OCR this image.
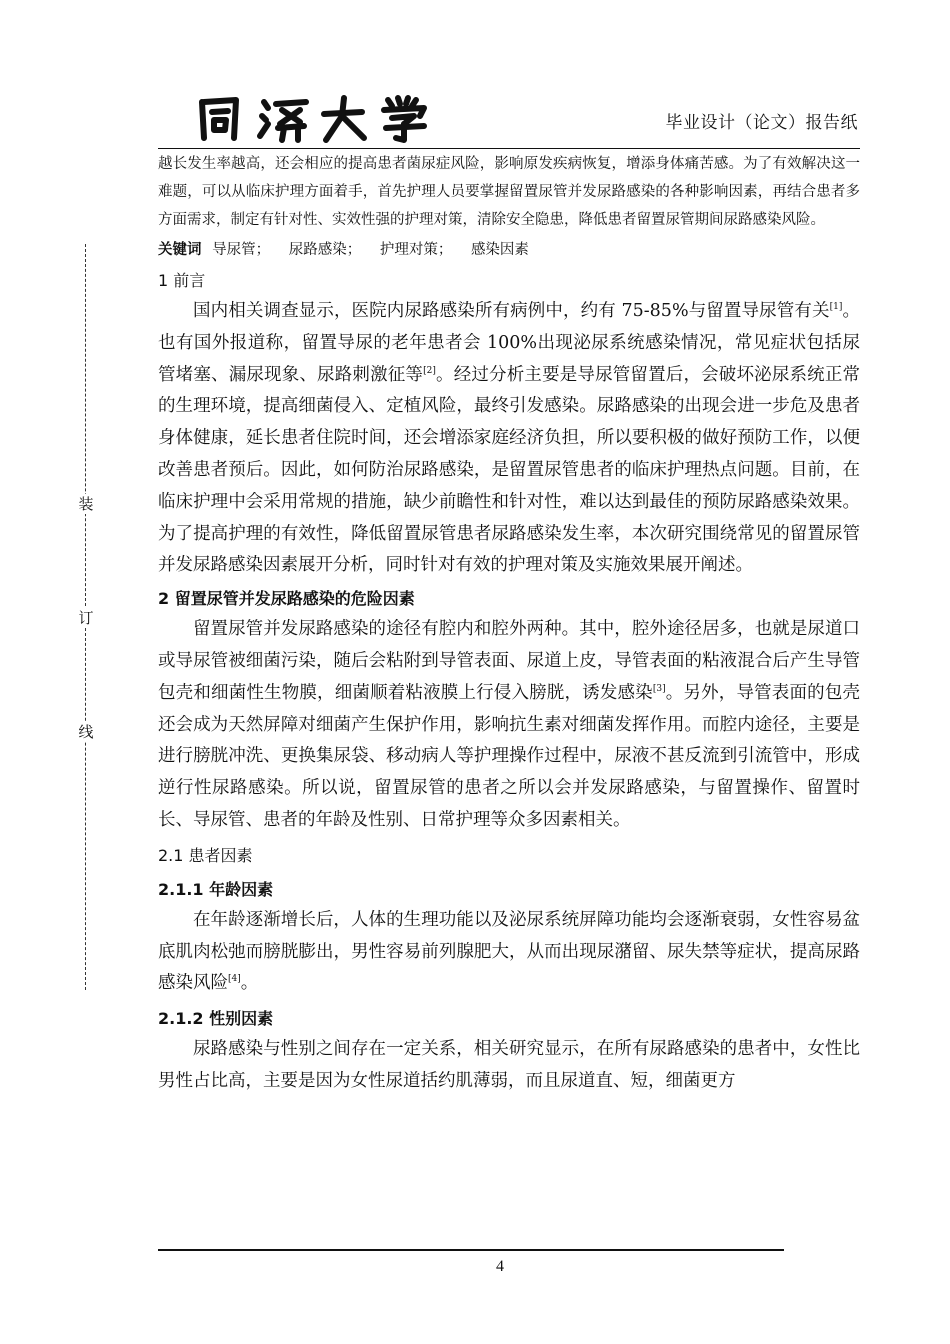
毕业设计（论文）报告纸
装
订
线
越长发生率越高，还会相应的提高患者菌尿症风险，影响原发疾病恢复，增添身体痛苦感。为了有效解决这一难题，可以从临床护理方面着手，首先护理人员要掌握留置尿管并发尿路感染的各种影响因素，再结合患者多方面需求，制定有针对性、实效性强的护理对策，清除安全隐患，降低患者留置尿管期间尿路感染风险。
关键词 导尿管； 尿路感染； 护理对策； 感染因素
1 前言

国内相关调查显示，医院内尿路感染所有病例中，约有 75-85%与留置导尿管有关[1]。也有国外报道称，留置导尿的老年患者会 100%出现泌尿系统感染情况，常见症状包括尿管堵塞、漏尿现象、尿路刺激征等[2]。经过分析主要是导尿管留置后，会破坏泌尿系统正常的生理环境，提高细菌侵入、定植风险，最终引发感染。尿路感染的出现会进一步危及患者身体健康，延长患者住院时间，还会增添家庭经济负担，所以要积极的做好预防工作，以便改善患者预后。因此，如何防治尿路感染，是留置尿管患者的临床护理热点问题。目前，在临床护理中会采用常规的措施，缺少前瞻性和针对性，难以达到最佳的预防尿路感染效果。为了提高护理的有效性，降低留置尿管患者尿路感染发生率，本次研究围绕常见的留置尿管并发尿路感染因素展开分析，同时针对有效的护理对策及实施效果展开阐述。

2 留置尿管并发尿路感染的危险因素

留置尿管并发尿路感染的途径有腔内和腔外两种。其中，腔外途径居多，也就是尿道口或导尿管被细菌污染，随后会粘附到导管表面、尿道上皮，导管表面的粘液混合后产生导管包壳和细菌性生物膜，细菌顺着粘液膜上行侵入膀胱，诱发感染[3]。另外，导管表面的包壳还会成为天然屏障对细菌产生保护作用，影响抗生素对细菌发挥作用。而腔内途径，主要是进行膀胱冲洗、更换集尿袋、移动病人等护理操作过程中，尿液不甚反流到引流管中，形成逆行性尿路感染。所以说，留置尿管的患者之所以会并发尿路感染，与留置操作、留置时长、导尿管、患者的年龄及性别、日常护理等众多因素相关。

2.1 患者因素
2.1.1 年龄因素

在年龄逐渐增长后，人体的生理功能以及泌尿系统屏障功能均会逐渐衰弱，女性容易盆底肌肉松弛而膀胱膨出，男性容易前列腺肥大，从而出现尿潴留、尿失禁等症状，提高尿路感染风险[4]。

2.1.2 性别因素

尿路感染与性别之间存在一定关系，相关研究显示，在所有尿路感染的患者中，女性比男性占比高，主要是因为女性尿道括约肌薄弱，而且尿道直、短，细菌更方

4
